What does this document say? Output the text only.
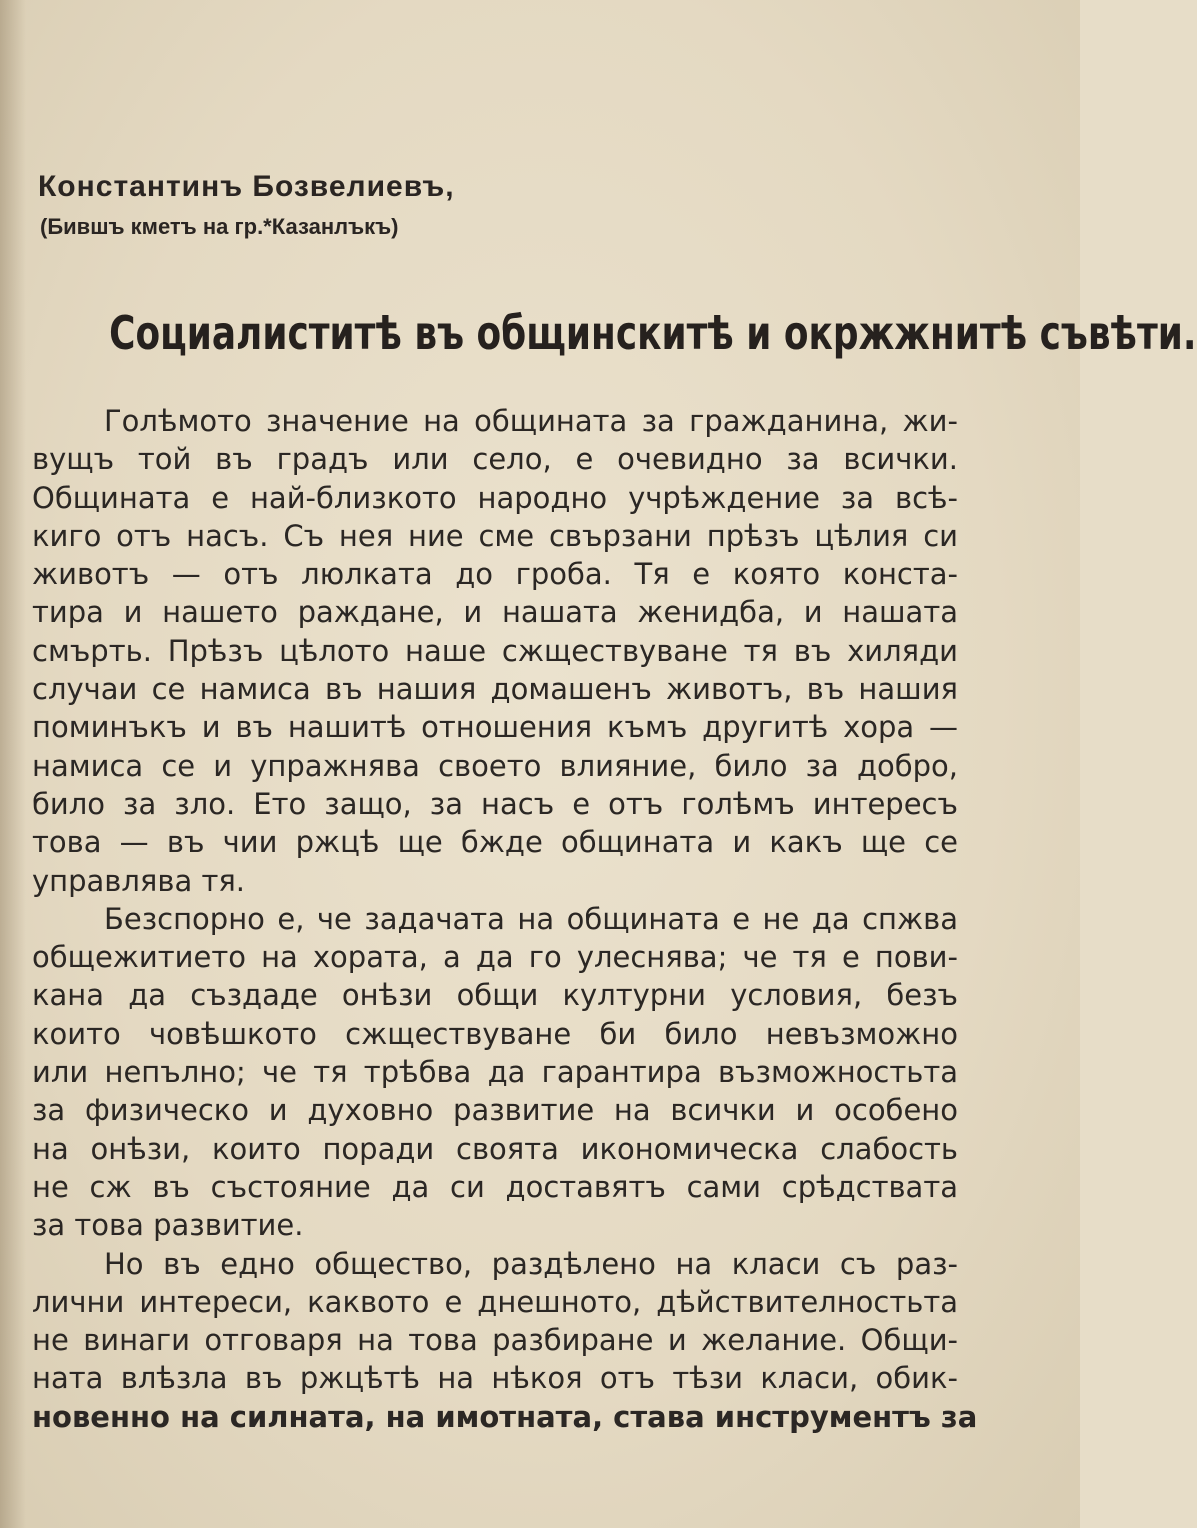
Константинъ Бозвелиевъ,
(Бившъ кметъ на гр.*Казанлъкъ)
Социалиститѣ въ общинскитѣ и окржжнитѣ съвѣти.
Голѣмото значение на общината за гражданина, жи-
вущъ той въ градъ или село, е очевидно за всички.
Общината е най-близкото народно учрѣждение за всѣ-
киго отъ насъ. Съ нея ние сме свързани прѣзъ цѣлия си
животъ — отъ люлката до гроба. Тя е която конста-
тира и нашето раждане, и нашата женидба, и нашата
смърть. Прѣзъ цѣлото наше сжществуване тя въ хиляди
случаи се намиса въ нашия домашенъ животъ, въ нашия
поминъкъ и въ нашитѣ отношения къмъ другитѣ хора —
намиса се и упражнява своето влияние, било за добро,
било за зло. Ето защо, за насъ е отъ голѣмъ интересъ
това — въ чии ржцѣ ще бжде общината и какъ ще се
управлява тя.
Безспорно е, че задачата на общината е не да спжва
общежитието на хората, а да го улеснява; че тя е пови-
кана да създаде онѣзи общи културни условия, безъ
които човѣшкото сжществуване би било невъзможно
или непълно; че тя трѣбва да гарантира възможностьта
за физическо и духовно развитие на всички и особено
на онѣзи, които поради своята икономическа слабость
не сж въ състояние да си доставятъ сами срѣдствата
за това развитие.
Но въ едно общество, раздѣлено на класи съ раз-
лични интереси, каквото е днешното, дѣйствителностьта
не винаги отговаря на това разбиране и желание. Общи-
ната влѣзла въ ржцѣтѣ на нѣкоя отъ тѣзи класи, обик-
новенно на силната, на имотната, става инструментъ за
